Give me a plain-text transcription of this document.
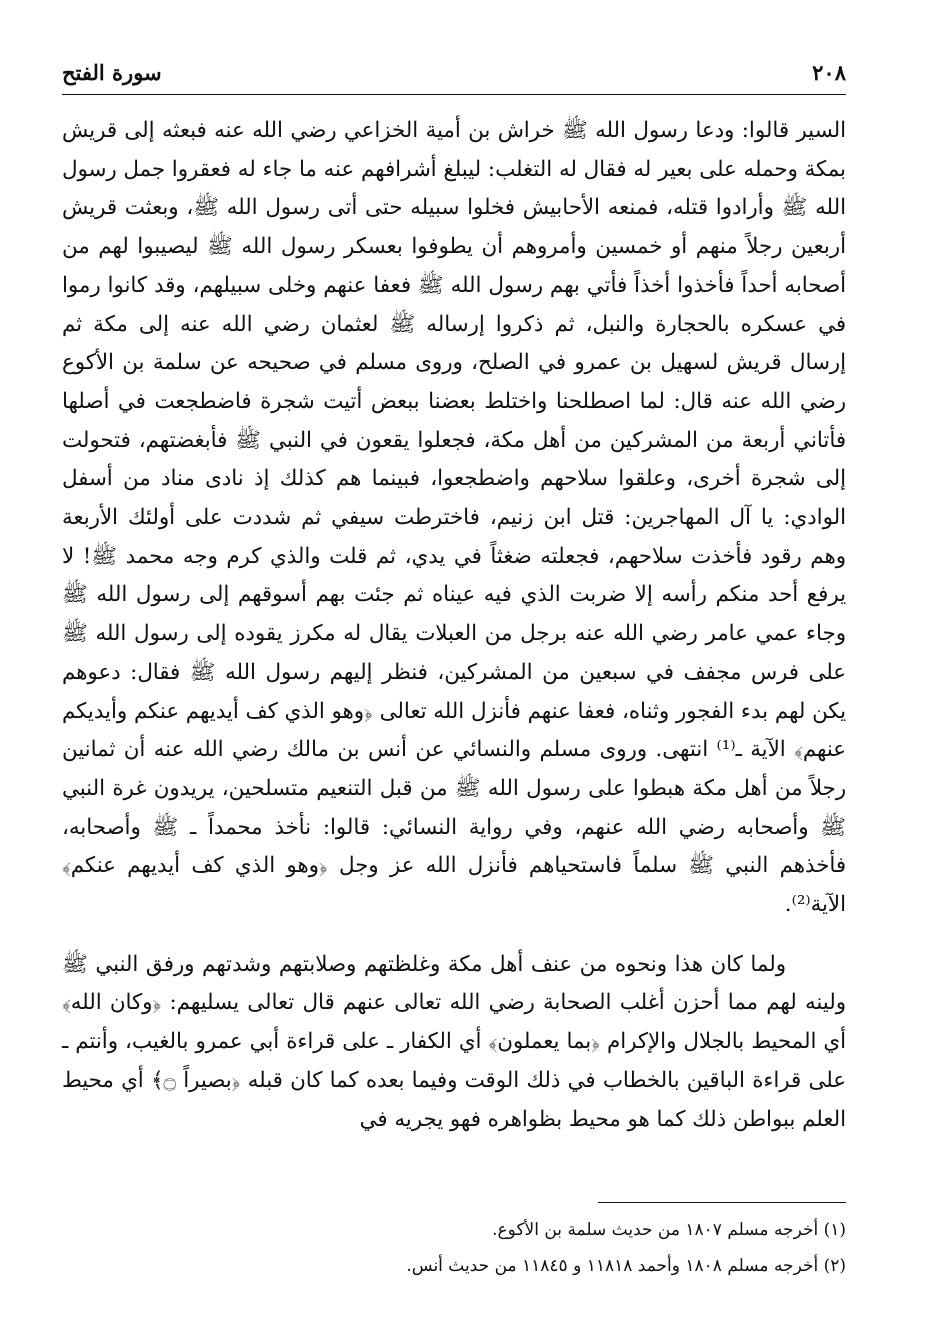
٢٠٨
سورة الفتح

السير قالوا: ودعا رسول الله ﷺ خراش بن أمية الخزاعي رضي الله عنه فبعثه إلى قريش بمكة وحمله على بعير له فقال له التغلب: ليبلغ أشرافهم عنه ما جاء له فعقروا جمل رسول الله ﷺ وأرادوا قتله، فمنعه الأحابيش فخلوا سبيله حتى أتى رسول الله ﷺ، وبعثت قريش أربعين رجلاً منهم أو خمسين وأمروهم أن يطوفوا بعسكر رسول الله ﷺ ليصيبوا لهم من أصحابه أحداً فأخذوا أخذاً فأتي بهم رسول الله ﷺ فعفا عنهم وخلى سبيلهم، وقد كانوا رموا في عسكره بالحجارة والنبل، ثم ذكروا إرساله ﷺ لعثمان رضي الله عنه إلى مكة ثم إرسال قريش لسهيل بن عمرو في الصلح، وروى مسلم في صحيحه عن سلمة بن الأكوع رضي الله عنه قال: لما اصطلحنا واختلط بعضنا ببعض أتيت شجرة فاضطجعت في أصلها فأتاني أربعة من المشركين من أهل مكة، فجعلوا يقعون في النبي ﷺ فأبغضتهم، فتحولت إلى شجرة أخرى، وعلقوا سلاحهم واضطجعوا، فبينما هم كذلك إذ نادى مناد من أسفل الوادي: يا آل المهاجرين: قتل ابن زنيم، فاخترطت سيفي ثم شددت على أولئك الأربعة وهم رقود فأخذت سلاحهم، فجعلته ضغثاً في يدي، ثم قلت والذي كرم وجه محمد ﷺ! لا يرفع أحد منكم رأسه إلا ضربت الذي فيه عيناه ثم جئت بهم أسوقهم إلى رسول الله ﷺ وجاء عمي عامر رضي الله عنه برجل من العبلات يقال له مكرز يقوده إلى رسول الله ﷺ على فرس مجفف في سبعين من المشركين، فنظر إليهم رسول الله ﷺ فقال: دعوهم يكن لهم بدء الفجور وثناه، فعفا عنهم فأنزل الله تعالى ﴿وهو الذي كف أيديهم عنكم وأيديكم عنهم﴾ الآية ـ⁽¹⁾ انتهى. وروى مسلم والنسائي عن أنس بن مالك رضي الله عنه أن ثمانين رجلاً من أهل مكة هبطوا على رسول الله ﷺ من قبل التنعيم متسلحين، يريدون غرة النبي ﷺ وأصحابه رضي الله عنهم، وفي رواية النسائي: قالوا: نأخذ محمداً ـ ﷺ وأصحابه، فأخذهم النبي ﷺ سلماً فاستحياهم فأنزل الله عز وجل ﴿وهو الذي كف أيديهم عنكم﴾ الآية⁽²⁾.

ولما كان هذا ونحوه من عنف أهل مكة وغلظتهم وصلابتهم وشدتهم ورفق النبي ﷺ ولينه لهم مما أحزن أغلب الصحابة رضي الله تعالى عنهم قال تعالى يسليهم: ﴿وكان الله﴾ أي المحيط بالجلال والإكرام ﴿بما يعملون﴾ أي الكفار ـ على قراءة أبي عمرو بالغيب، وأنتم ـ على قراءة الباقين بالخطاب في ذلك الوقت وفيما بعده كما كان قبله ﴿بصيراً ۝﴾ أي محيط العلم ببواطن ذلك كما هو محيط بظواهره فهو يجريه في

(١) أخرجه مسلم ١٨٠٧ من حديث سلمة بن الأكوع.
(٢) أخرجه مسلم ١٨٠٨ وأحمد ١١٨١٨ و ١١٨٤٥ من حديث أنس.
